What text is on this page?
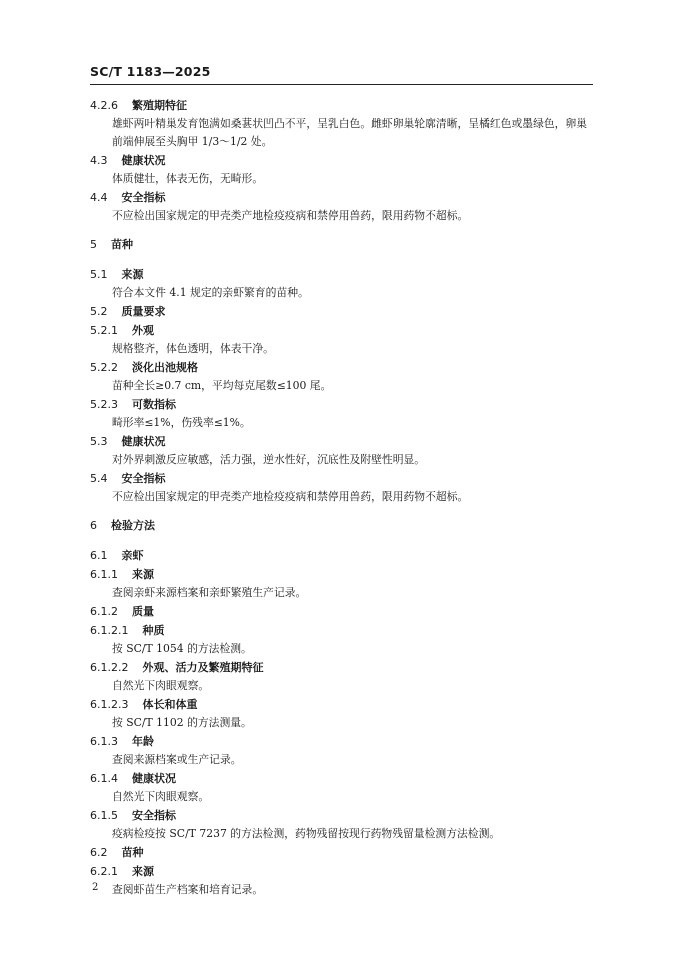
SC/T 1183—2025
4.2.6 繁殖期特征
雄虾两叶精巢发育饱满如桑葚状凹凸不平，呈乳白色。雌虾卵巢轮廓清晰，呈橘红色或墨绿色，卵巢
前端伸展至头胸甲 1/3～1/2 处。
4.3 健康状况
体质健壮，体表无伤，无畸形。
4.4 安全指标
不应检出国家规定的甲壳类产地检疫疫病和禁停用兽药，限用药物不超标。
5 苗种
5.1 来源
符合本文件 4.1 规定的亲虾繁育的苗种。
5.2 质量要求
5.2.1 外观
规格整齐，体色透明，体表干净。
5.2.2 淡化出池规格
苗种全长≥0.7 cm，平均每克尾数≤100 尾。
5.2.3 可数指标
畸形率≤1%，伤残率≤1%。
5.3 健康状况
对外界刺激反应敏感，活力强，逆水性好，沉底性及附壁性明显。
5.4 安全指标
不应检出国家规定的甲壳类产地检疫疫病和禁停用兽药，限用药物不超标。
6 检验方法
6.1 亲虾
6.1.1 来源
查阅亲虾来源档案和亲虾繁殖生产记录。
6.1.2 质量
6.1.2.1 种质
按 SC/T 1054 的方法检测。
6.1.2.2 外观、活力及繁殖期特征
自然光下肉眼观察。
6.1.2.3 体长和体重
按 SC/T 1102 的方法测量。
6.1.3 年龄
查阅来源档案或生产记录。
6.1.4 健康状况
自然光下肉眼观察。
6.1.5 安全指标
疫病检疫按 SC/T 7237 的方法检测，药物残留按现行药物残留量检测方法检测。
6.2 苗种
6.2.1 来源
查阅虾苗生产档案和培育记录。
2
